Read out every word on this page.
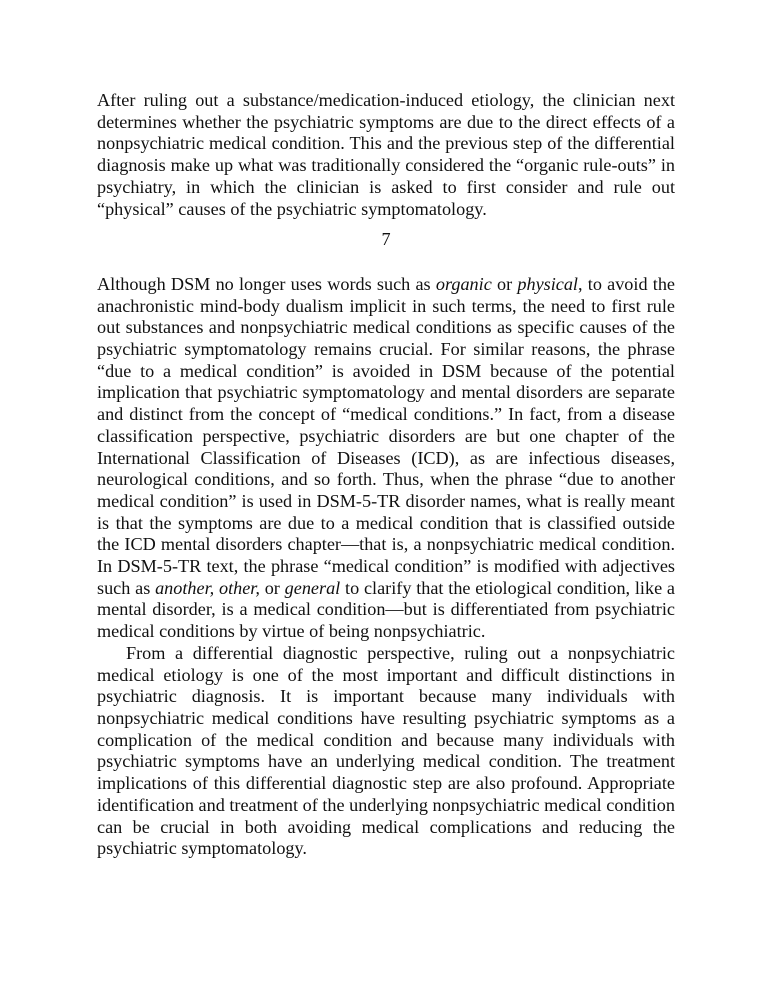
After ruling out a substance/medication-induced etiology, the clinician next determines whether the psychiatric symptoms are due to the direct effects of a nonpsychiatric medical condition. This and the previous step of the differential diagnosis make up what was traditionally considered the “organic rule-outs” in psychiatry, in which the clinician is asked to first consider and rule out “physical” causes of the psychiatric symptomatology.

7

Although DSM no longer uses words such as organic or physical, to avoid the anachronistic mind-body dualism implicit in such terms, the need to first rule out substances and nonpsychiatric medical conditions as specific causes of the psychiatric symptomatology remains crucial. For similar reasons, the phrase “due to a medical condition” is avoided in DSM because of the potential implication that psychiatric symptomatology and mental disorders are separate and distinct from the concept of “medical conditions.” In fact, from a disease classification perspective, psychiatric disorders are but one chapter of the International Classification of Diseases (ICD), as are infectious diseases, neurological conditions, and so forth. Thus, when the phrase “due to another medical condition” is used in DSM-5-TR disorder names, what is really meant is that the symptoms are due to a medical condition that is classified outside the ICD mental disorders chapter—that is, a nonpsychiatric medical condition. In DSM-5-TR text, the phrase “medical condition” is modified with adjectives such as another, other, or general to clarify that the etiological condition, like a mental disorder, is a medical condition—but is differentiated from psychiatric medical conditions by virtue of being nonpsychiatric.

From a differential diagnostic perspective, ruling out a nonpsychiatric medical etiology is one of the most important and difficult distinctions in psychiatric diagnosis. It is important because many individuals with nonpsychiatric medical conditions have resulting psychiatric symptoms as a complication of the medical condition and because many individuals with psychiatric symptoms have an underlying medical condition. The treatment implications of this differential diagnostic step are also profound. Appropriate identification and treatment of the underlying nonpsychiatric medical condition can be crucial in both avoiding medical complications and reducing the psychiatric symptomatology.
